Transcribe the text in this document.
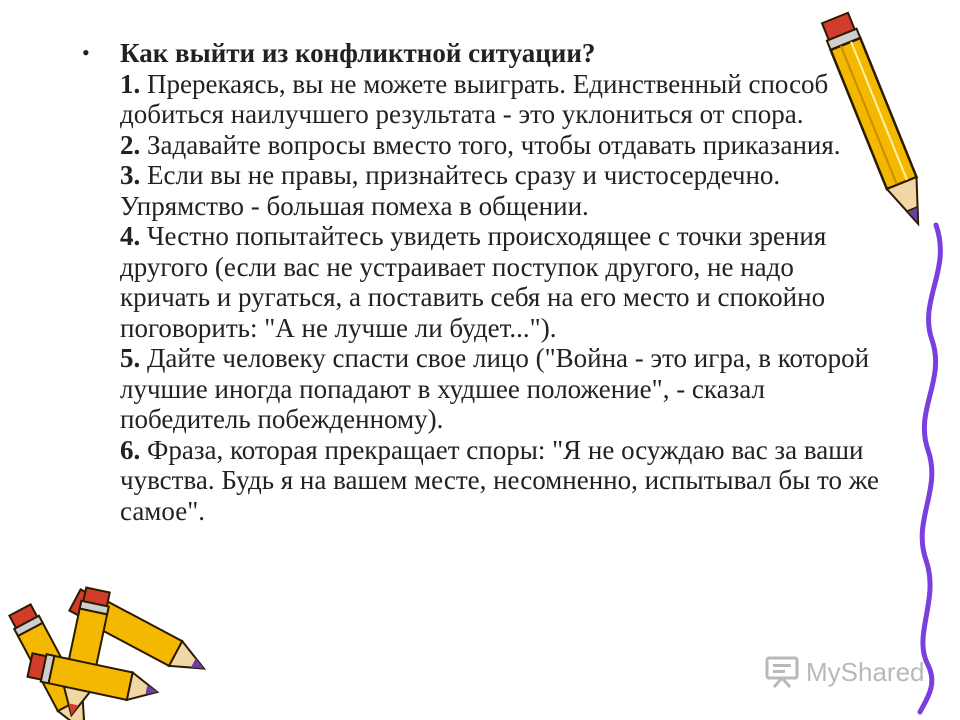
•	Как выйти из конфликтной ситуации?
1. Пререкаясь, вы не можете выиграть. Единственный способ добиться наилучшего результата - это уклониться от спора.
2. Задавайте вопросы вместо того, чтобы отдавать приказания.
3. Если вы не правы, признайтесь сразу и чистосердечно. Упрямство - большая помеха в общении.
4. Честно попытайтесь увидеть происходящее с точки зрения другого (если вас не устраивает поступок другого, не надо кричать и ругаться, а поставить себя на его место и спокойно поговорить: "А не лучше ли будет...").
5. Дайте человеку спасти свое лицо ("Война - это игра, в которой лучшие иногда попадают в худшее положение", - сказал победитель побежденному).
6. Фраза, которая прекращает споры: "Я не осуждаю вас за ваши чувства. Будь я на вашем месте, несомненно, испытывал бы то же самое".
MyShared
